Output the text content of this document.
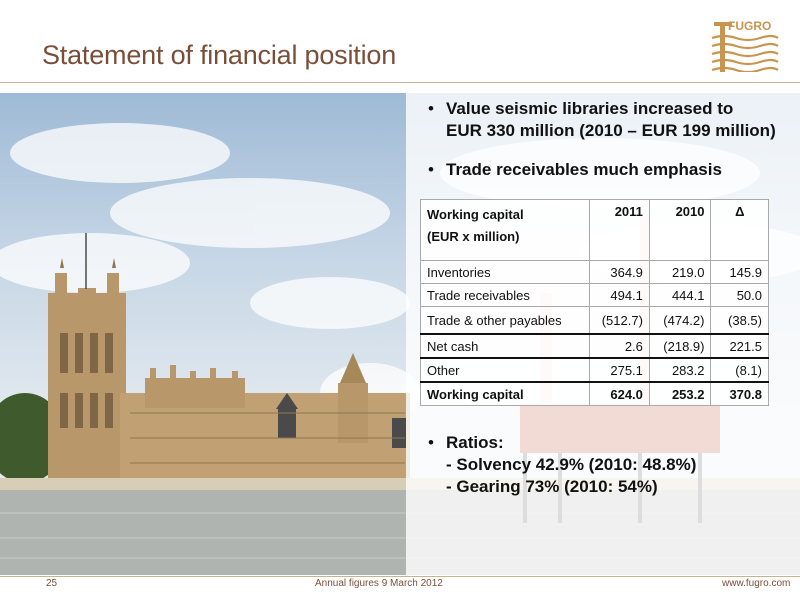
Statement of financial position
FUGRO
• Value seismic libraries increased to
EUR 330 million (2010 – EUR 199 million)
• Trade receivables much emphasis
Working capital
(EUR x million)	2011	2010	Δ
Inventories	364.9	219.0	145.9
Trade receivables	494.1	444.1	50.0
Trade & other payables	(512.7)	(474.2)	(38.5)
Net cash	2.6	(218.9)	221.5
Other	275.1	283.2	(8.1)
Working capital	624.0	253.2	370.8
• Ratios:
- Solvency 42.9% (2010: 48.8%)
- Gearing 73% (2010: 54%)
25	Annual figures 9 March 2012	www.fugro.com
